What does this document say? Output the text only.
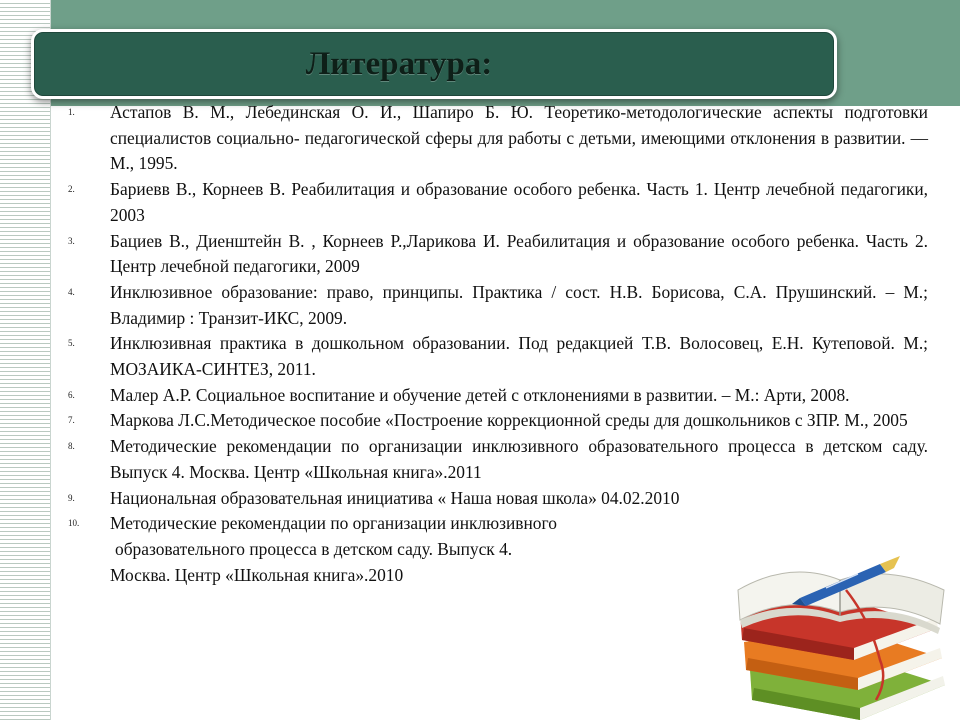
Литература:
1. Астапов В. М., Лебединская О. И., Шапиро Б. Ю. Теоретико-методологические аспекты подготовки специалистов социально- педагогической сферы для работы с детьми, имеющими отклонения в развитии. — М., 1995.
2. Бариевв В., Корнеев В. Реабилитация и образование особого ребенка. Часть 1. Центр лечебной педагогики, 2003
3. Бациев В., Диенштейн В. , Корнеев Р.,Ларикова И. Реабилитация и образование особого ребенка. Часть 2. Центр лечебной педагогики, 2009
4. Инклюзивное образование: право, принципы. Практика / сост. Н.В. Борисова, С.А. Прушинский. – М.; Владимир : Транзит-ИКС, 2009.
5. Инклюзивная практика в дошкольном образовании. Под редакцией Т.В. Волосовец, Е.Н. Кутеповой. М.; МОЗАИКА-СИНТЕЗ, 2011.
6. Малер А.Р. Социальное воспитание и обучение детей с отклонениями в развитии. – М.: Арти, 2008.
7. Маркова Л.С.Методическое пособие «Построение коррекционной среды для дошкольников с ЗПР. М., 2005
8. Методические рекомендации по организации инклюзивного образовательного процесса в детском саду. Выпуск 4. Москва. Центр «Школьная книга».2011
9. Национальная образовательная инициатива « Наша новая школа» 04.02.2010
10. Методические рекомендации по организации инклюзивного
образовательного процесса в детском саду. Выпуск 4.
Москва. Центр «Школьная книга».2010
